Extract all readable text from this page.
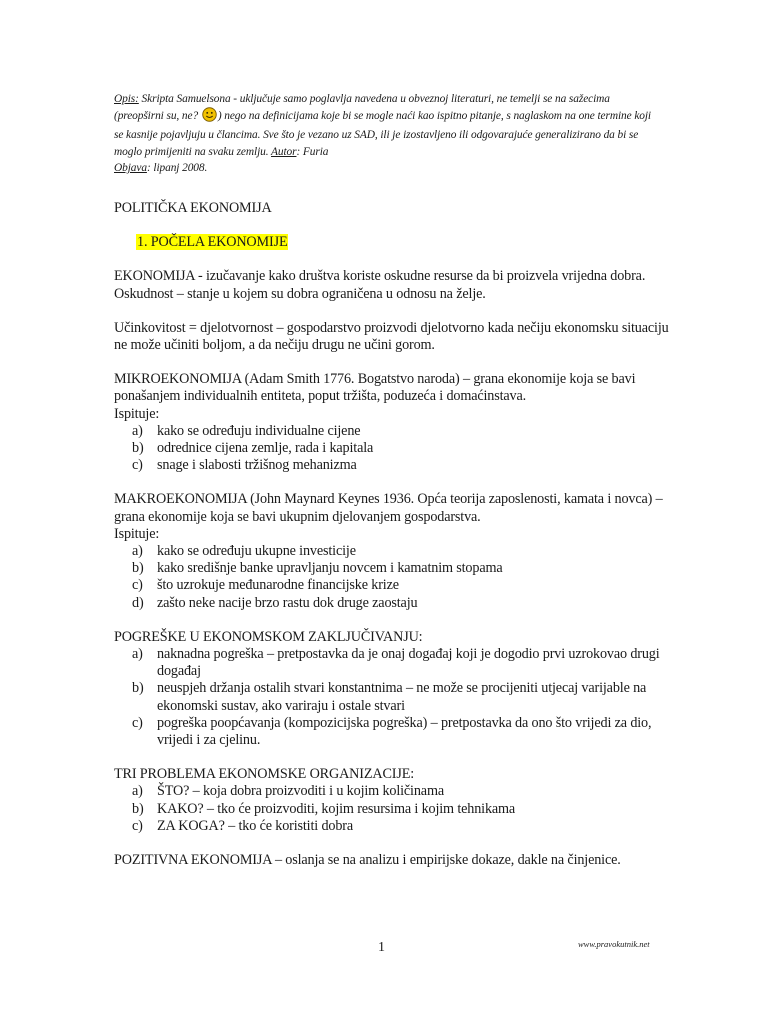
Opis: Skripta Samuelsona - uključuje samo poglavlja navedena u obveznoj literaturi, ne temelji se na sažecima (preopširni su, ne? ) nego na definicijama koje bi se mogle naći kao ispitno pitanje, s naglaskom na one termine koji se kasnije pojavljuju u člancima. Sve što je vezano uz SAD, ili je izostavljeno ili odgovarajuće generalizirano da bi se moglo primijeniti na svaku zemlju. Autor: Furia
Objava: lipanj 2008.

POLITIČKA EKONOMIJA

1. POČELA EKONOMIJE

EKONOMIJA - izučavanje kako društva koriste oskudne resurse da bi proizvela vrijedna dobra. Oskudnost – stanje u kojem su dobra ograničena u odnosu na želje.

Učinkovitost = djelotvornost – gospodarstvo proizvodi djelotvorno kada nečiju ekonomsku situaciju ne može učiniti boljom, a da nečiju drugu ne učini gorom.

MIKROEKONOMIJA (Adam Smith 1776. Bogatstvo naroda) – grana ekonomije koja se bavi ponašanjem individualnih entiteta, poput tržišta, poduzeća i domaćinstava.

Ispituje:

a) kako se određuju individualne cijene
b) odrednice cijena zemlje, rada i kapitala
c) snage i slabosti tržišnog mehanizma

MAKROEKONOMIJA (John Maynard Keynes 1936. Opća teorija zaposlenosti, kamata i novca) – grana ekonomije koja se bavi ukupnim djelovanjem gospodarstva.

Ispituje:

a) kako se određuju ukupne investicije
b) kako središnje banke upravljanju novcem i kamatnim stopama
c) što uzrokuje međunarodne financijske krize
d) zašto neke nacije brzo rastu dok druge zaostaju

POGREŠKE U EKONOMSKOM ZAKLJUČIVANJU:

a) naknadna pogreška – pretpostavka da je onaj događaj koji je dogodio prvi uzrokovao drugi događaj
b) neuspjeh držanja ostalih stvari konstantnima – ne može se procijeniti utjecaj varijable na ekonomski sustav, ako variraju i ostale stvari
c) pogreška poopćavanja (kompozicijska pogreška) – pretpostavka da ono što vrijedi za dio, vrijedi i za cjelinu.

TRI PROBLEMA EKONOMSKE ORGANIZACIJE:

a) ŠTO? – koja dobra proizvoditi i u kojim količinama
b) KAKO? – tko će proizvoditi, kojim resursima i kojim tehnikama
c) ZA KOGA? – tko će koristiti dobra

POZITIVNA EKONOMIJA – oslanja se na analizu i empirijske dokaze, dakle na činjenice.

1	www.pravokutnik.net
